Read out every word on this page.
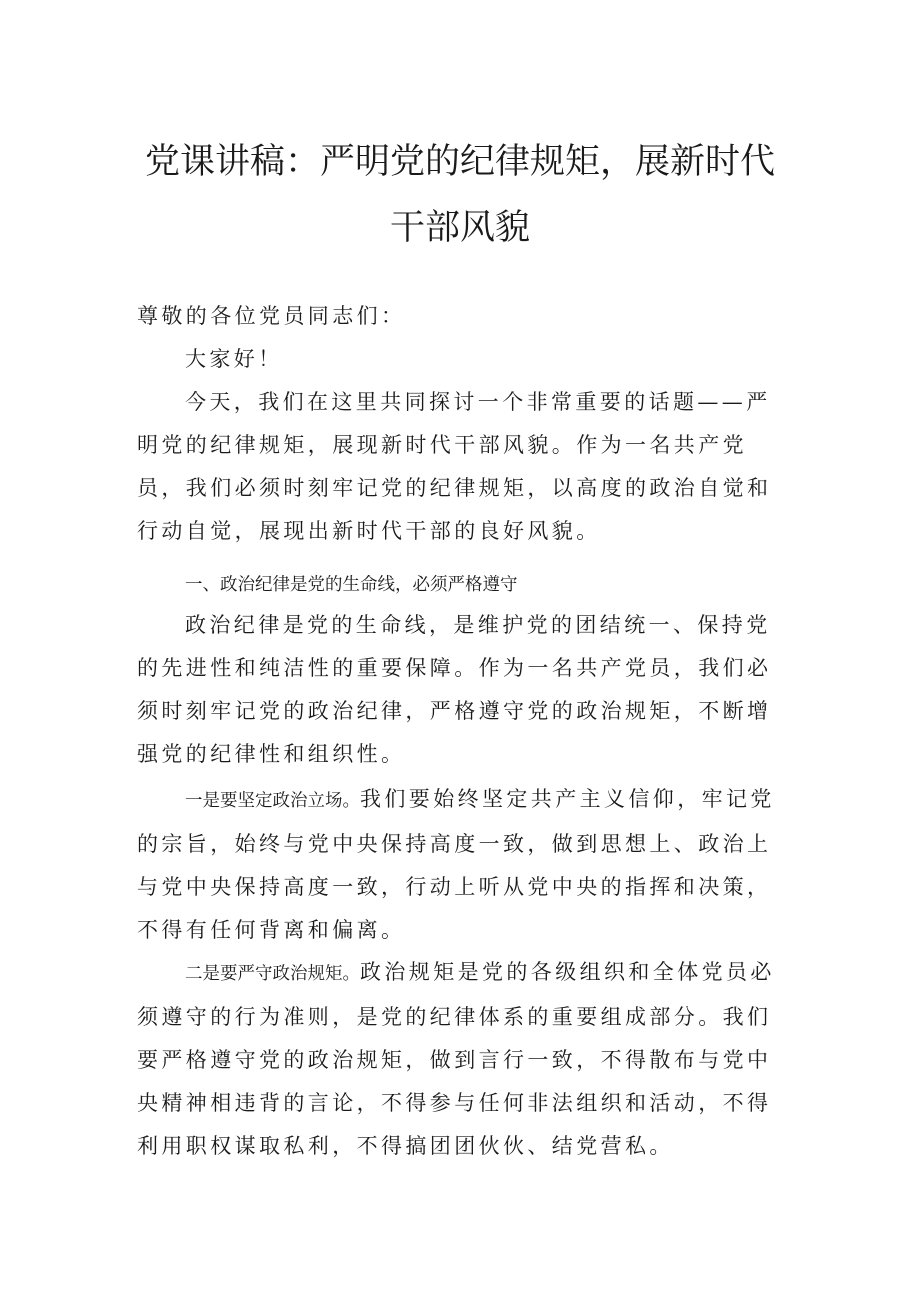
党课讲稿：严明党的纪律规矩，展新时代
干部风貌

尊敬的各位党员同志们：

大家好！

今天，我们在这里共同探讨一个非常重要的话题——严明党的纪律规矩，展现新时代干部风貌。作为一名共产党员，我们必须时刻牢记党的纪律规矩，以高度的政治自觉和行动自觉，展现出新时代干部的良好风貌。

一、政治纪律是党的生命线，必须严格遵守

政治纪律是党的生命线，是维护党的团结统一、保持党的先进性和纯洁性的重要保障。作为一名共产党员，我们必须时刻牢记党的政治纪律，严格遵守党的政治规矩，不断增强党的纪律性和组织性。

一是要坚定政治立场。我们要始终坚定共产主义信仰，牢记党的宗旨，始终与党中央保持高度一致，做到思想上、政治上与党中央保持高度一致，行动上听从党中央的指挥和决策，不得有任何背离和偏离。

二是要严守政治规矩。政治规矩是党的各级组织和全体党员必须遵守的行为准则，是党的纪律体系的重要组成部分。我们要严格遵守党的政治规矩，做到言行一致，不得散布与党中央精神相违背的言论，不得参与任何非法组织和活动，不得利用职权谋取私利，不得搞团团伙伙、结党营私。
